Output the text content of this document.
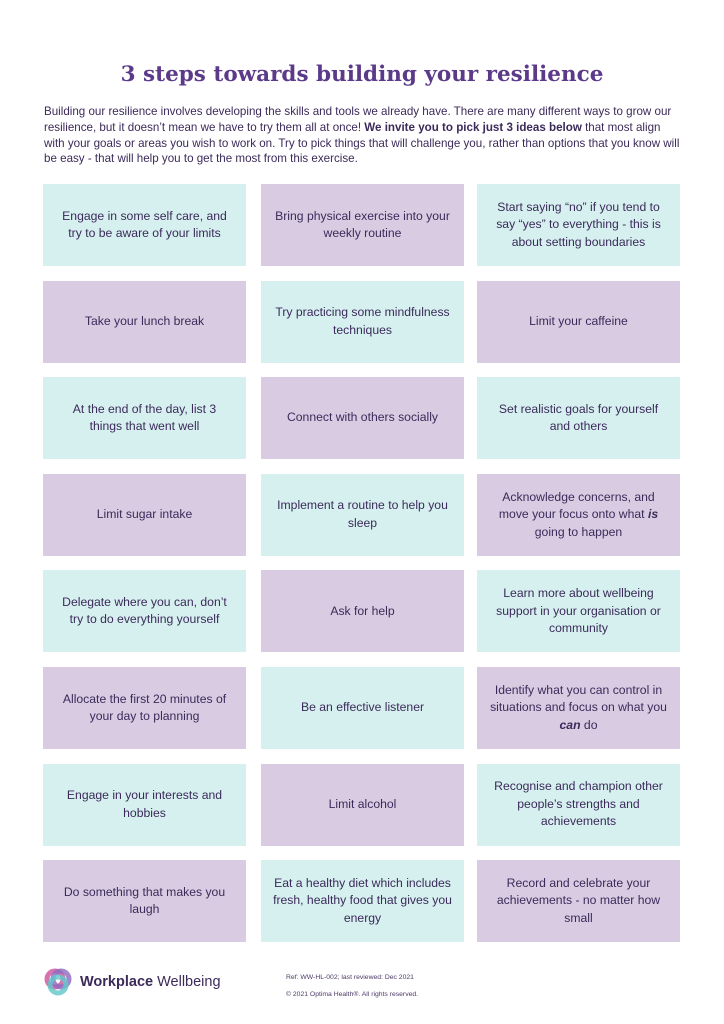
3 steps towards building your resilience

Building our resilience involves developing the skills and tools we already have. There are many different ways to grow our resilience, but it doesn’t mean we have to try them all at once! We invite you to pick just 3 ideas below that most align with your goals or areas you wish to work on. Try to pick things that will challenge you, rather than options that you know will be easy - that will help you to get the most from this exercise.

Engage in some self care, and try to be aware of your limits
Bring physical exercise into your weekly routine
Start saying “no” if you tend to say “yes” to everything - this is about setting boundaries
Take your lunch break
Try practicing some mindfulness techniques
Limit your caffeine
At the end of the day, list 3 things that went well
Connect with others socially
Set realistic goals for yourself and others
Limit sugar intake
Implement a routine to help you sleep
Acknowledge concerns, and move your focus onto what is going to happen
Delegate where you can, don’t try to do everything yourself
Ask for help
Learn more about wellbeing support in your organisation or community
Allocate the first 20 minutes of your day to planning
Be an effective listener
Identify what you can control in situations and focus on what you can do
Engage in your interests and hobbies
Limit alcohol
Recognise and champion other people’s strengths and achievements
Do something that makes you laugh
Eat a healthy diet which includes fresh, healthy food that gives you energy
Record and celebrate your achievements - no matter how small
Workplace Wellbeing	Ref: WW-HL-002; last reviewed: Dec 2021
© 2021 Optima Health®. All rights reserved.
